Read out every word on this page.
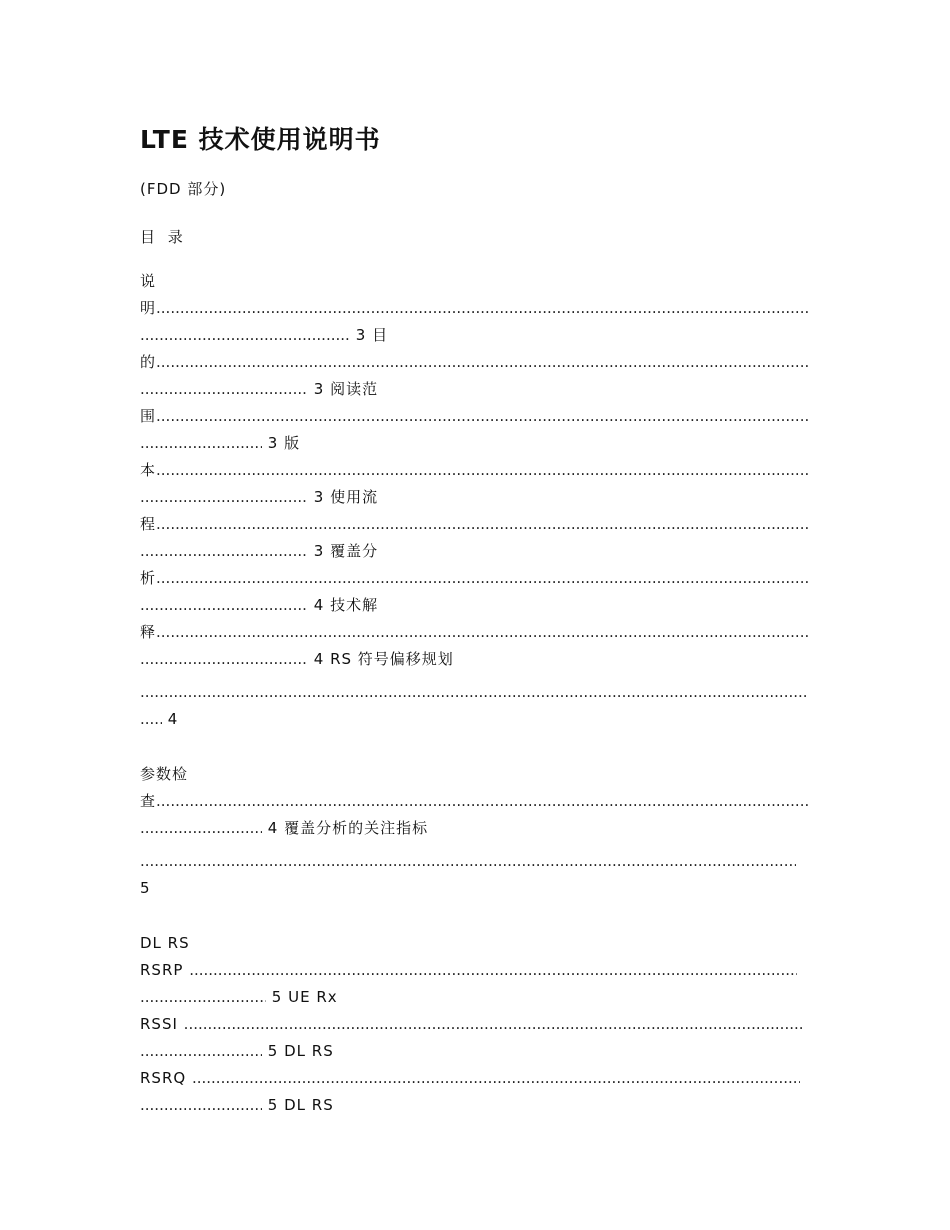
LTE 技术使用说明书
(FDD 部分)
目 录
说
明.....
..... 3 目
的.....
..... 3 阅读范
围.....
..... 3 版
本.....
..... 3 使用流
程.....
..... 3 覆盖分
析.....
..... 4 技术解
释.....
..... 4 RS 符号偏移规划
.....
..... 4
参数检
查.....
..... 4 覆盖分析的关注指标
.....
5
DL RS
RSRP .....
..... 5 UE Rx
RSSI .....
..... 5 DL RS
RSRQ .....
..... 5 DL RS
